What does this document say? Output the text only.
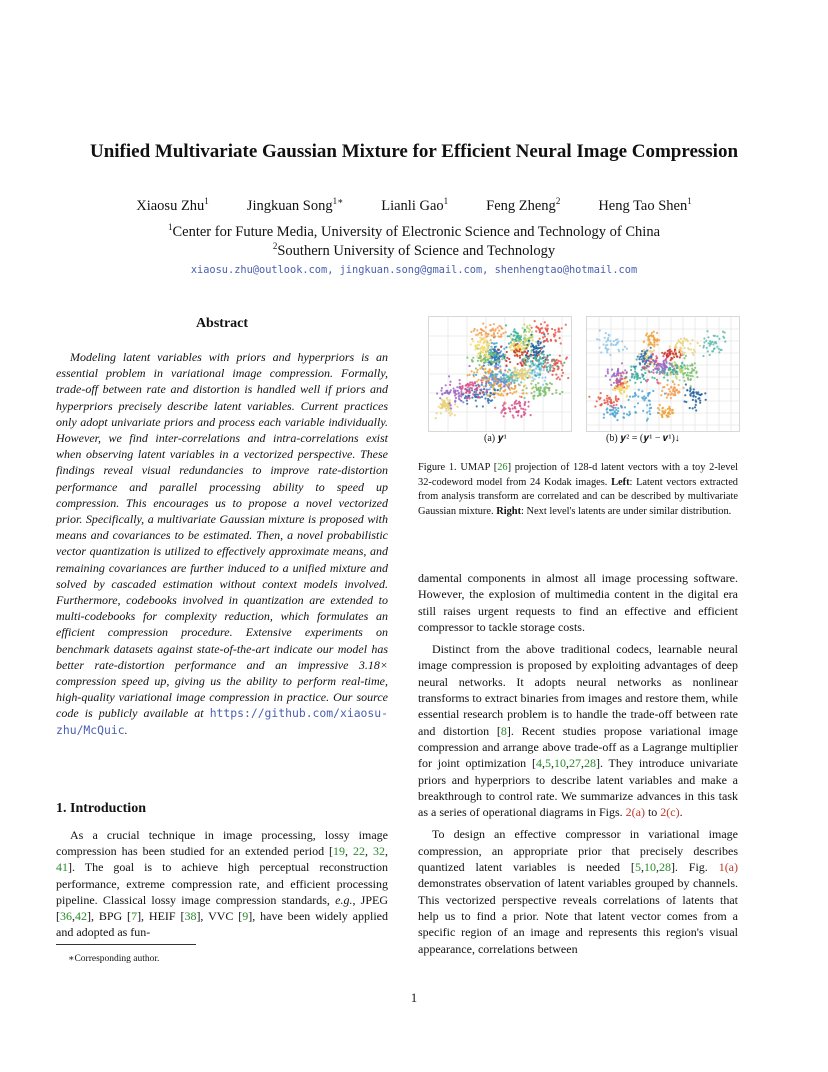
Unified Multivariate Gaussian Mixture for Efficient Neural Image Compression
Xiaosu Zhu$^1$	Jingkuan Song$^{1∗}$	Lianli Gao$^1$	Feng Zheng$^2$	Heng Tao Shen$^1$
$^1$Center for Future Media, University of Electronic Science and Technology of China
$^2$Southern University of Science and Technology
xiaosu.zhu@outlook.com, jingkuan.song@gmail.com, shenhengtao@hotmail.com
Abstract
Modeling latent variables with priors and hyperpriors is an essential problem in variational image compression. Formally, trade-off between rate and distortion is handled well if priors and hyperpriors precisely describe latent variables. Current practices only adopt univariate priors and process each variable individually. However, we find inter-correlations and intra-correlations exist when observing latent variables in a vectorized perspective. These findings reveal visual redundancies to improve rate-distortion performance and parallel processing ability to speed up compression. This encourages us to propose a novel vectorized prior. Specifically, a multivariate Gaussian mixture is proposed with means and covariances to be estimated. Then, a novel probabilistic vector quantization is utilized to effectively approximate means, and remaining covariances are further induced to a unified mixture and solved by cascaded estimation without context models involved. Furthermore, codebooks involved in quantization are extended to multi-codebooks for complexity reduction, which formulates an efficient compression procedure. Extensive experiments on benchmark datasets against state-of-the-art indicate our model has better rate-distortion performance and an impressive 3.18× compression speed up, giving us the ability to perform real-time, high-quality variational image compression in practice. Our source code is publicly available at https://github.com/xiaosu-zhu/McQuic.
1. Introduction
As a crucial technique in image processing, lossy image compression has been studied for an extended period [19, 22, 32, 41]. The goal is to achieve high perceptual reconstruction performance, extreme compression rate, and efficient processing pipeline. Classical lossy image compression standards, e.g., JPEG [36,42], BPG [7], HEIF [38], VVC [9], have been widely applied and adopted as fun-
∗Corresponding author.
(a) 𝒚¹	(b) 𝒚² = (𝒚¹ − 𝒗¹)↓
Figure 1. UMAP [26] projection of 128-d latent vectors with a toy 2-level 32-codeword model from 24 Kodak images. Left: Latent vectors extracted from analysis transform are correlated and can be described by multivariate Gaussian mixture. Right: Next level's latents are under similar distribution.

damental components in almost all image processing software. However, the explosion of multimedia content in the digital era still raises urgent requests to find an effective and efficient compressor to tackle storage costs.

Distinct from the above traditional codecs, learnable neural image compression is proposed by exploiting advantages of deep neural networks. It adopts neural networks as nonlinear transforms to extract binaries from images and restore them, while essential research problem is to handle the trade-off between rate and distortion [8]. Recent studies propose variational image compression and arrange above trade-off as a Lagrange multiplier for joint optimization [4,5,10,27,28]. They introduce univariate priors and hyperpriors to describe latent variables and make a breakthrough to control rate. We summarize advances in this task as a series of operational diagrams in Figs. 2(a) to 2(c).

To design an effective compressor in variational image compression, an appropriate prior that precisely describes quantized latent variables is needed [5,10,28]. Fig. 1(a) demonstrates observation of latent variables grouped by channels. This vectorized perspective reveals correlations of latents that help us to find a prior. Note that latent vector comes from a specific region of an image and represents this region's visual appearance, correlations between

1
